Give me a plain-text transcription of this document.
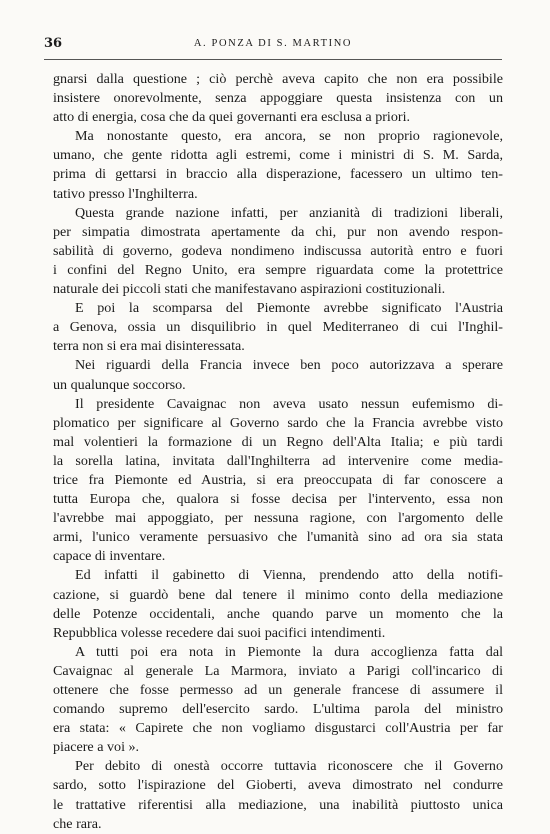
36	A. PONZA DI S. MARTINO
gnarsi dalla questione ; ciò perchè aveva capito che non era possibile
insistere onorevolmente, senza appoggiare questa insistenza con un
atto di energia, cosa che da quei governanti era esclusa a priori.
Ma nonostante questo, era ancora, se non proprio ragionevole,
umano, che gente ridotta agli estremi, come i ministri di S. M. Sarda,
prima di gettarsi in braccio alla disperazione, facessero un ultimo ten-
tativo presso l'Inghilterra.
Questa grande nazione infatti, per anzianità di tradizioni liberali,
per simpatia dimostrata apertamente da chi, pur non avendo respon-
sabilità di governo, godeva nondimeno indiscussa autorità entro e fuori
i confini del Regno Unito, era sempre riguardata come la protettrice
naturale dei piccoli stati che manifestavano aspirazioni costituzionali.
E poi la scomparsa del Piemonte avrebbe significato l'Austria
a Genova, ossia un disquilibrio in quel Mediterraneo di cui l'Inghil-
terra non si era mai disinteressata.
Nei riguardi della Francia invece ben poco autorizzava a sperare
un qualunque soccorso.
Il presidente Cavaignac non aveva usato nessun eufemismo di-
plomatico per significare al Governo sardo che la Francia avrebbe visto
mal volentieri la formazione di un Regno dell'Alta Italia; e più tardi
la sorella latina, invitata dall'Inghilterra ad intervenire come media-
trice fra Piemonte ed Austria, si era preoccupata di far conoscere a
tutta Europa che, qualora si fosse decisa per l'intervento, essa non
l'avrebbe mai appoggiato, per nessuna ragione, con l'argomento delle
armi, l'unico veramente persuasivo che l'umanità sino ad ora sia stata
capace di inventare.
Ed infatti il gabinetto di Vienna, prendendo atto della notifi-
cazione, si guardò bene dal tenere il minimo conto della mediazione
delle Potenze occidentali, anche quando parve un momento che la
Repubblica volesse recedere dai suoi pacifici intendimenti.
A tutti poi era nota in Piemonte la dura accoglienza fatta dal
Cavaignac al generale La Marmora, inviato a Parigi coll'incarico di
ottenere che fosse permesso ad un generale francese di assumere il
comando supremo dell'esercito sardo. L'ultima parola del ministro
era stata: « Capirete che non vogliamo disgustarci coll'Austria per far
piacere a voi ».
Per debito di onestà occorre tuttavia riconoscere che il Governo
sardo, sotto l'ispirazione del Gioberti, aveva dimostrato nel condurre
le trattative riferentisi alla mediazione, una inabilità piuttosto unica
che rara.
